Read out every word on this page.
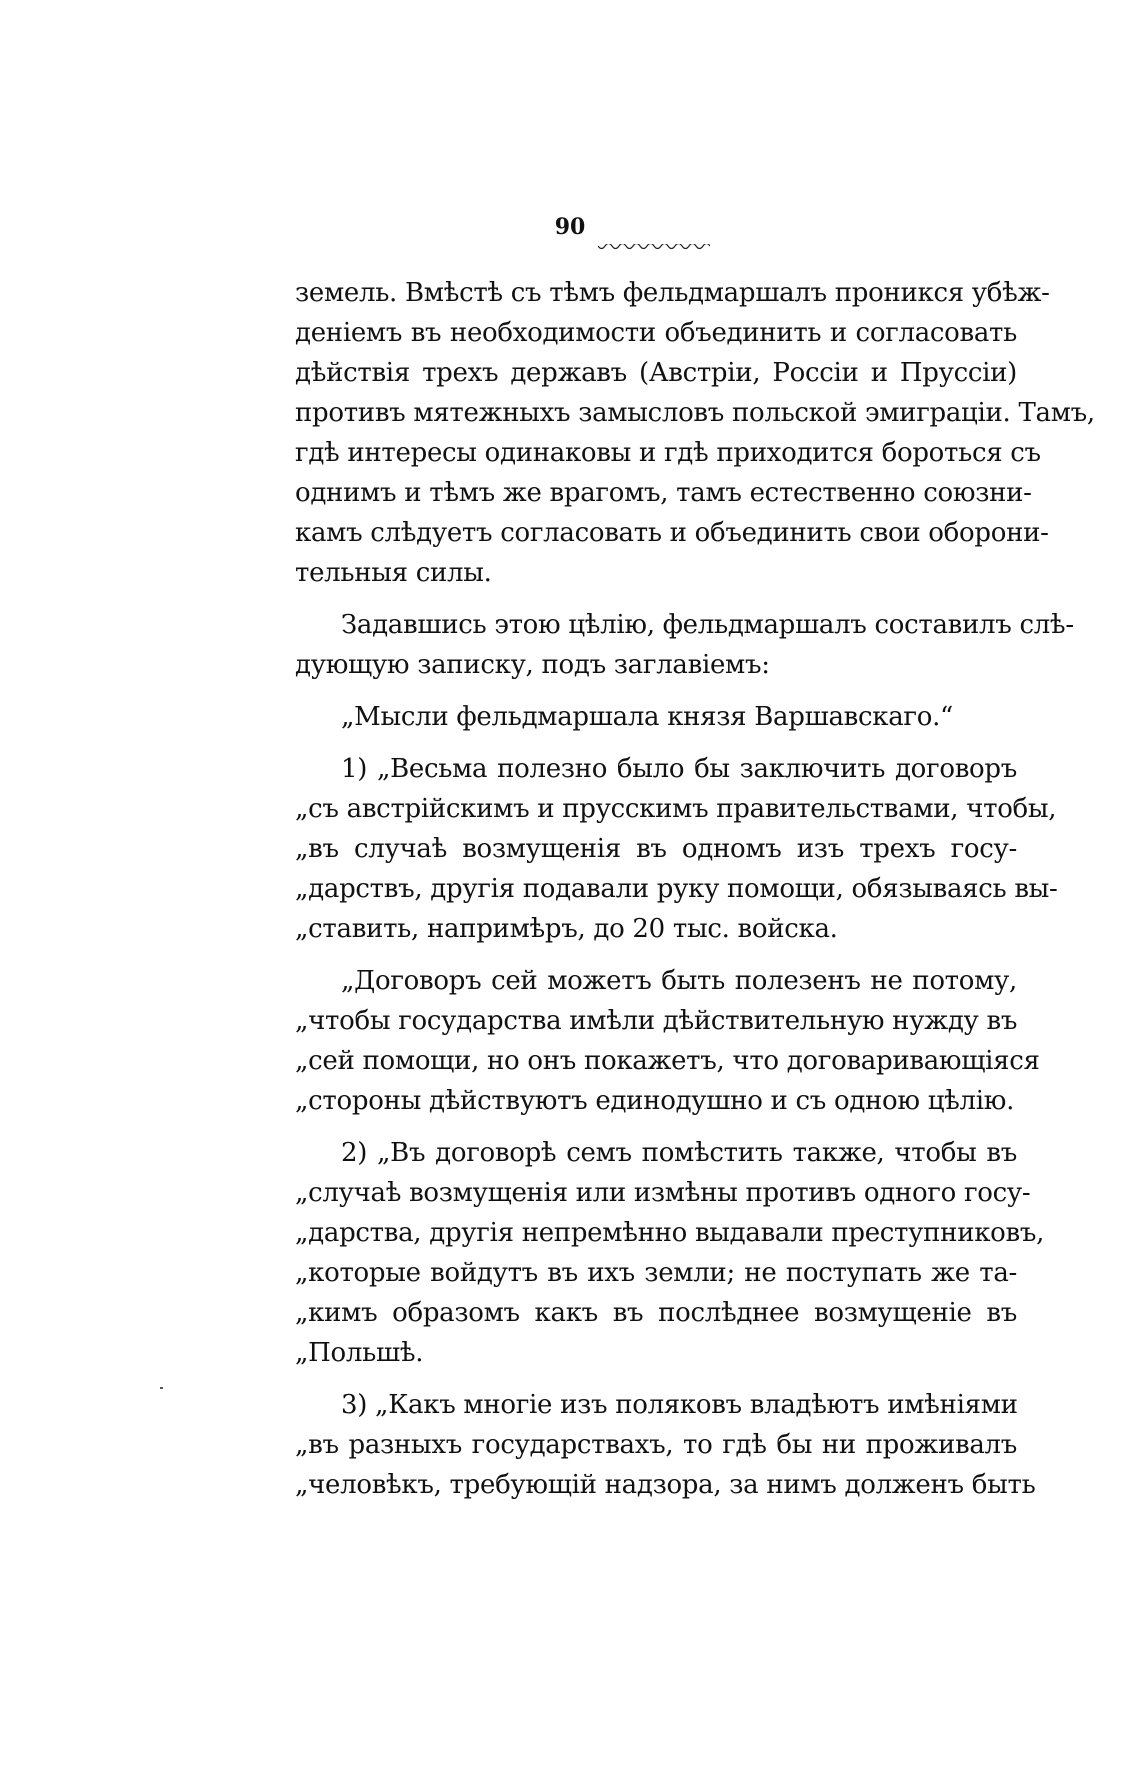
90

земель. Вмѣстѣ съ тѣмъ фельдмаршалъ проникся убѣж-
деніемъ въ необходимости объединить и согласовать
дѣйствія трехъ державъ (Австріи, Россіи и Пруссіи)
противъ мятежныхъ замысловъ польской эмиграціи. Тамъ,
гдѣ интересы одинаковы и гдѣ приходится бороться съ
однимъ и тѣмъ же врагомъ, тамъ естественно союзни-
камъ слѣдуетъ согласовать и объединить свои оборони-
тельныя силы.
Задавшись этою цѣлію, фельдмаршалъ составилъ слѣ-
дующую записку, подъ заглавіемъ:
„Мысли фельдмаршала князя Варшавскаго.“
1) „Весьма полезно было бы заключить договоръ
„съ австрійскимъ и прусскимъ правительствами, чтобы,
„въ случаѣ возмущенія въ одномъ изъ трехъ госу-
„дарствъ, другія подавали руку помощи, обязываясь вы-
„ставить, напримѣръ, до 20 тыс. войска.
„Договоръ сей можетъ быть полезенъ не потому,
„чтобы государства имѣли дѣйствительную нужду въ
„сей помощи, но онъ покажетъ, что договаривающіяся
„стороны дѣйствуютъ единодушно и съ одною цѣлію.
2) „Въ договорѣ семъ помѣстить также, чтобы въ
„случаѣ возмущенія или измѣны противъ одного госу-
„дарства, другія непремѣнно выдавали преступниковъ,
„которые войдутъ въ ихъ земли; не поступать же та-
„кимъ образомъ какъ въ послѣднее возмущеніе въ
„Польшѣ.
3) „Какъ многіе изъ поляковъ владѣютъ имѣніями
„въ разныхъ государствахъ, то гдѣ бы ни проживалъ
„человѣкъ, требующій надзора, за нимъ долженъ быть
